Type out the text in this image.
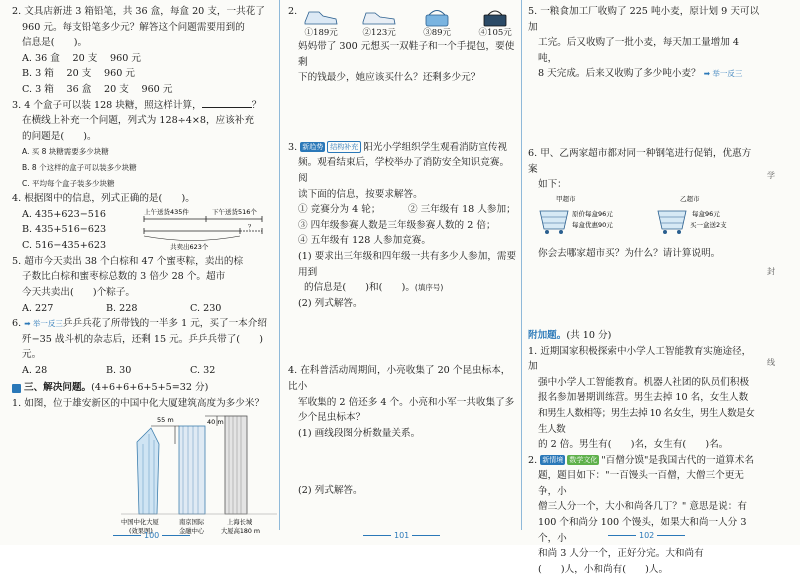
2. 文具店新进 3 箱铅笔，共 36 盒，每盒 20 支，一共花了

960 元。每支铅笔多少元？解答这个问题需要用到的

信息是(　　)。

A. 36 盒　 20 支　 960 元

B. 3 箱　 20 支　 960 元

C. 3 箱　 36 盒　 20 支　 960 元

3. 4 个盒子可以装 128 块糖，照这样计算，	？

在横线上补充一个问题，列式为 128÷4×8，应该补充

的问题是(　　)。

A. 买 8 块糖需要多少块糖

B. 8 个这样的盒子可以装多少块糖

C. 平均每个盒子装多少块糖

4. 根据图中的信息，列式正确的是(　　)。

A. 435+623−516

B. 435+516−623

C. 516−435+623

上午送货435件	下午送货516个
？
共卖出623个

5. 超市今天卖出 38 个白棕和 47 个蜜枣粽，卖出的棕

子数比白棕和蜜枣棕总数的 3 倍少 28 个。超市

今天共卖出(　　)个粽子。

A. 227	B. 228	C. 230

6. ➡ 举一反三乒乒兵花了所带钱的一半多 1 元，买了一本介绍

歼−35 战斗机的杂志后，还剩 15 元。乒乒兵带了(　　)元。

A. 28	B. 30	C. 32
三、解决问题。 (4+6+6+6+5+5=32 分)

1. 如图，位于雄安新区的中国中化大厦建筑高度为多少米？

55 m	40 m
中国中化大厦
(效果图)
南京国际
金融中心
上海长城
大厦高180 m
2.
①189元	②123元	③89元	④105元

妈妈带了 300 元想买一双鞋子和一个手提包，要使剩

下的钱最少，她应该买什么？还剩多少元？

3. 新趋势 结构补充 阳光小学组织学生观看消防宣传视

频。观看结束后，学校举办了消防安全知识竞赛。阅

读下面的信息，按要求解答。

① 竞赛分为 4 轮；	② 三年级有 18 人参加；

③ 四年级参赛人数是三年级参赛人数的 2 倍；

④ 五年级有 128 人参加竞赛。

(1) 要求出三年级和四年级一共有多少人参加，需要用到

的信息是(　　)和(　　)。(填序号)

(2) 列式解答。

4. 在科普活动周期间，小亮收集了 20 个昆虫标本，比小

军收集的 2 倍还多 4 个。小亮和小军一共收集了多

少个昆虫标本？

(1) 画线段图分析数量关系。

(2) 列式解答。

5. 一粮食加工厂收购了 225 吨小麦，原计划 9 天可以加

工完。后又收购了一批小麦，每天加工量增加 4 吨，

8 天完成。后来又收购了多少吨小麦？ ➡ 举一反三

6. 甲、乙两家超市都对同一种钢笔进行促销，优惠方案

如下：

甲超市
原价每盒96元
每盒优惠90元
乙超市
每盒96元
买一盒送2支

你会去哪家超市买？为什么？请计算说明。

附加题。(共 10 分)

1. 近期国家积极探索中小学人工智能教育实施途径，加

强中小学人工智能教育。机器人社团的队员们积极

报名参加暑期训练营。男生去掉 10 名，女生人数

和男生人数相等；男生去掉 10 名女生，男生人数是女生人数

的 2 倍。男生有(　　)名，女生有(　　)名。

2. 新情境 数学文化 "百僧分馍"是我国古代的一道算术名

题，题目如下："一百馒头一百僧，大僧三个更无争，小

僧三人分一个，大小和尚各几丁？" 意思是说：有

100 个和尚分 100 个馒头，如果大和尚一人分 3 个，小

和尚 3 人分一个，正好分完。大和尚有

(　　)人，小和尚有(　　)人。

学
封
线
100	101	102
